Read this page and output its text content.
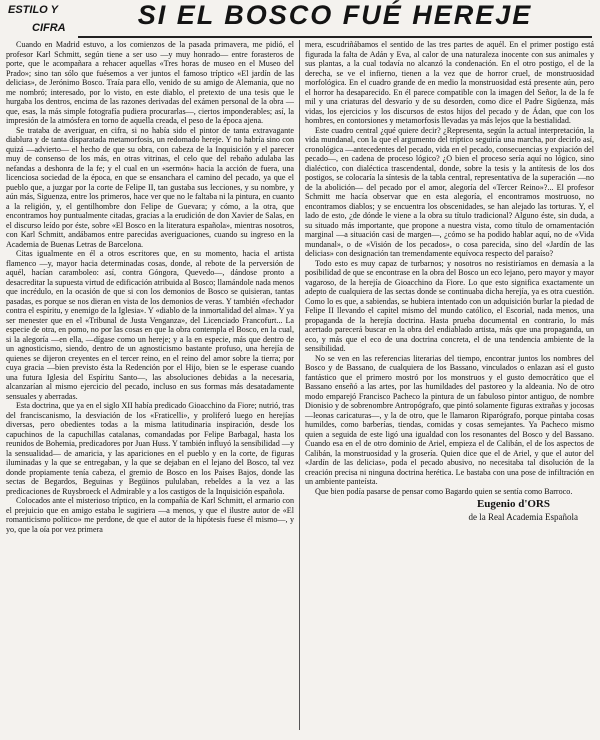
ESTILO Y
CIFRA	SI EL BOSCO FUÉ HEREJE

Cuando en Madrid estuvo, a los comienzos de la pasada primavera, me pidió, el profesor Karl Schmitt, según tiene a ser uso —y muy honrado— entre forasteros de porte, que le acompañara a rehacer aquellas «Tres horas de museo en el Museo del Prado»; sino tan sólo que fuésemos a ver juntos el famoso tríptico «El jardín de las delicias», de Jerónimo Bosco. Traía para ello, venido de su amigo de Alemania, que no me nombró; interesado, por lo visto, en este diablo, el pretexto de una tesis que le hurgaba los dentros, encima de las razones derivadas del exámen personal de la obra —que, esas, la más simple fotografía pudiera procurarlas—, ciertos imponderables; así, la impresión de la atmósfera en torno de aquella creada, el peso de la época ajena.

Se trataba de averiguar, en cifra, si no había sido el pintor de tanta extravagante diablura y de tanta disparatada metamorfosis, un redomado hereje. Y no habría sino con quizá —advierto— el hecho de que su obra, con cabeza de la Inquisición y el parecer muy de consenso de los más, en otras vitrinas, el celo que del rebaño adulaba las nefandas a deshonra de la fe; y el cual en un «sermón» hacia la acción de fuera, una licenciosa sociedad de la época, en que se ensanchara el camino del pecado, ya que el pueblo que, a juzgar por la corte de Felipe II, tan gustaba sus lecciones, y su nombre, y aún más, Siguenza, entre los primeros, hace ver que no le faltaba ni la pintura, en cuanto a la religión, y, el gentilhombre don Felipe de Guevara; y cómo, a la otra, que encontramos hoy puntualmente citadas, gracias a la erudición de don Xavier de Salas, en el discurso leído por éste, sobre «El Bosco en la literatura española», mientras nosotros, con Karl Schmitt, andábamos entre parecidas averiguaciones, cuando su ingreso en la Academia de Buenas Letras de Barcelona.

Citas igualmente en él a otros escritores que, en su momento, hacia el artista flamenco —y, mayor hacia determinadas cosas, donde, al rebote de la perversión de aquél, hacían caramboleo: así, contra Góngora, Quevedo—, dándose pronto a desacreditar la supuesta virtud de edificación atribuida al Bosco; llamándole nada menos que incrédulo, en la ocasión de que si con los demonios de Bosco se quisieran, tantas pasadas, es porque se nos dieran en vista de los demonios de veras. Y también «fechador contra el espíritu, y enemigo de la Iglesia». Y «diablo de la inmortalidad del alma». Y ya ser menester que en el «Tribunal de Justa Venganza», del Licenciado Francofurt... La especie de otra, en pomo, no por las cosas en que la obra contempla el Bosco, en la cual, si la alegoría —en ella, —dígase como un hereje; y a la en especie, más que dentro de un agnosticismo, siendo, dentro de un agnosticismo bastante profuso, una herejía de quienes se dijeron creyentes en el tercer reino, en el reino del amor sobre la tierra; por cuya gracia —bien previsto ésta la Redención por el Hijo, bien se le esperase cuando una futura Iglesia del Espíritu Santo—, las absoluciones debidas a la necesaria, alcanzarían al mismo ejercicio del pecado, incluso en sus formas más desatadamente sensuales y aberradas.

Esta doctrina, que ya en el siglo XII había predicado Gioacchino da Fiore; nutrió, tras del franciscanismo, la desviación de los «Fraticelli», y proliferó luego en herejías diversas, pero obedientes todas a la misma latitudinaria inspiración, desde los capuchinos de la capuchillas catalanas, comandadas por Felipe Barbagal, hasta los reunidos de Bohemia, predicadores por Juan Huss. Y también influyó la sensibilidad —y la sensualidad— de amaricia, y las apariciones en el pueblo y en la corte, de figuras iluminadas y la que se entregaban, y la que se dejaban en el lejano del Bosco, tal vez donde propiamente tenía cabeza, el gremio de Bosco en los Países Bajos, donde las sectas de Begardos, Beguinas y Begüinos pululaban, rebeldes a la vez a las predicaciones de Ruysbroeck el Admirable y a los castigos de la Inquisición española.

Colocados ante el misterioso tríptico, en la compañía de Karl Schmitt, el armario con el prejuicio que en amigo estaba le sugiriera —a menos, y que el ilustre autor de «El romanticismo político» me perdone, de que el autor de la hipótesis fuese él mismo—, y yo, que la oía por vez primera

mera, escudriñábamos el sentido de las tres partes de aquél. En el primer postigo está figurada la falta de Adán y Eva, al calor de una naturaleza inocente con sus animales y sus plantas, a la cual todavía no alcanzó la condenación. En el otro postigo, el de la derecha, se ve el infierno, tienen a la vez que de horror cruel, de monstruosidad morfológica. En el cuadro grande de en medio la monstruosidad está presente aún, pero el horror ha desaparecido. En él parece compatible con la imagen del Señor, la de la fe mil y una criaturas del desvarío y de su desorden, como dice el Padre Sigüenza, más vidas, los ejercicios y los discursos de estos hijos del pecado y de Ádan, que con los hombres, en contorsiones y metamorfosis llevadas ya más lejos que la bestialidad.

Este cuadro central ¿qué quiere decir? ¿Representa, según la actual interpretación, la vida mundanal, con la que el argumento del tríptico seguiría una marcha, por decirlo así, cronológica —antecedentes del pecado, vida en el pecado, consecuencias y expiación del pecado—, en cadena de proceso lógico? ¿O bien el proceso sería aquí no lógico, sino dialéctico, con dialéctica trascendental, donde, sobre la tesis y la antítesis de los dos postigos, se colocaría la síntesis de la tabla central, representativa de la superación —no de la abolición— del pecado por el amor, alegoría del «Tercer Reino»?... El profesor Schmitt me hacía observar que en esta alegoría, el encontramos mostruoso, no encontramos diablos; y se encuentra los obscenidades, se han alejado las torturas. Y, el lado de esto, ¿de dónde le viene a la obra su título tradicional? Alguno éste, sin duda, a su situado más importante, que propone a nuestra vista, como título de ornamentación marginal —a situación casi de margen—, ¿cómo se ha podido hablar aquí, no de «Vida mundanal», o de «Visión de los pecados», o cosa parecida, sino del «Jardín de las delicias» con designación tan tremendamente equívoca respecto del paraíso?

Todo esto es muy capaz de turbarnos; y nosotros no resistiríamos en demasía a la posibilidad de que se encontrase en la obra del Bosco un eco lejano, pero mayor y mayor vagaroso, de la herejía de Gioacchino da Fiore. Lo que esto significa exactamente un adepto de cualquiera de las sectas donde se continuaba dicha herejía, ya es otra cuestión. Como lo es que, a sabiendas, se hubiera intentado con un adquisición burlar la piedad de Felipe II llevando el capitel mismo del mundo católico, el Escorial, nada menos, una propaganda de la herejía doctrina. Hasta prueba documental en contrario, lo más acertado parecerá buscar en la obra del endiablado artista, más que una propaganda, un eco, y más que el eco de una doctrina concreta, el de una tendencia ambiente de la sensibilidad.

No se ven en las referencias literarias del tiempo, encontrar juntos los nombres del Bosco y de Bassano, de cualquiera de los Bassano, vinculados o enlazan así el gusto fantástico que el primero mostró por los monstruos y el gusto democrático que el Bassano enseñó a las artes, por las humildades del pastoreo y la aldeania. No de otro modo emparejó Francisco Pacheco la pintura de un fabuloso pintor antiguo, de nombre Dionisio y de sobrenombre Antropógrafo, que pintó solamente figuras extrañas y jocosas —leonas caricaturas—, y la de otro, que le llamaron Riparógrafo, porque pintaba cosas humildes, como barberías, tiendas, comidas y cosas semejantes. Ya Pacheco mismo quien a seguida de este ligó una igualdad con los resonantes del Bosco y del Bassano. Cuando esa en el de otro dominio de Ariel, empieza el de Calibán, el de los aspectos de Calibán, la monstruosidad y la grosería. Quien dice que el de Ariel, y que el autor del «Jardín de las delicias», poda el pecado abusivo, no necesitaba tal disolución de la creación precisa ni ninguna doctrina herética. Le bastaba con una pose de infiltración en un ambiente panteísta.

Que bien podía pasarse de pensar como Bagardo quien se sentía como Barroco.

Eugenio d'ORS
de la Real Academia Española
